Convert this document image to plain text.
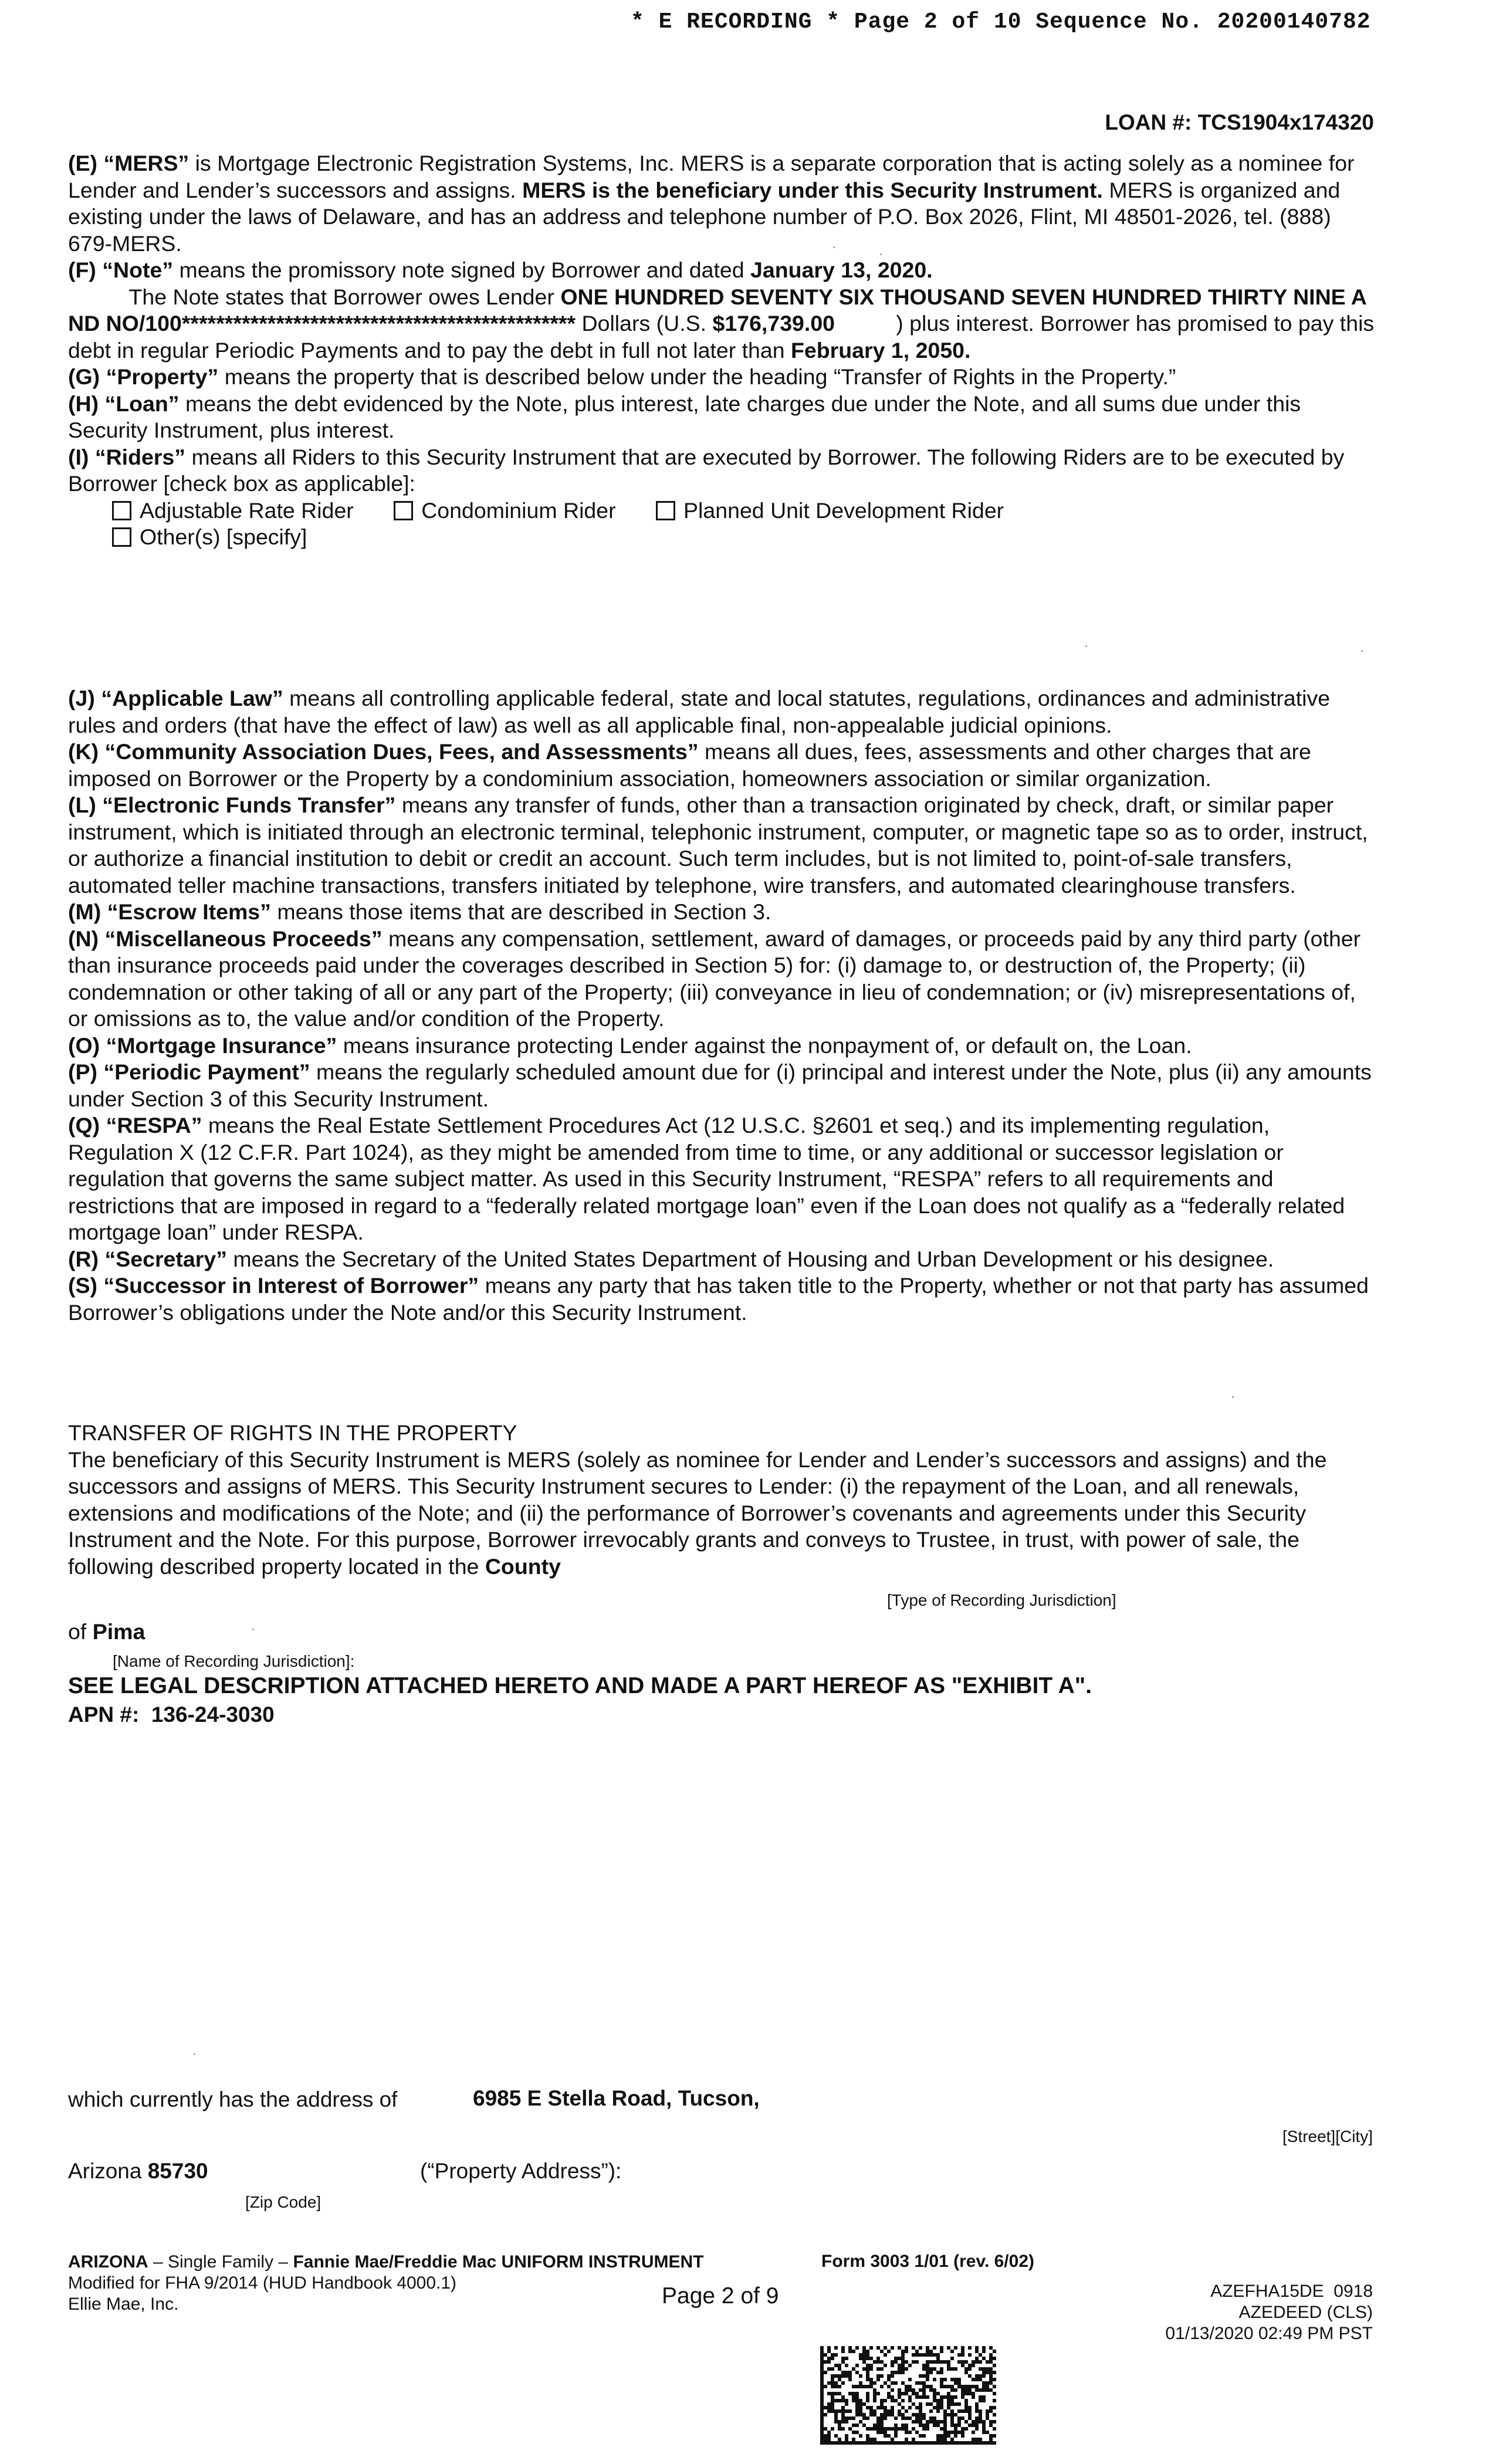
* E RECORDING * Page 2 of 10 Sequence No. 20200140782
LOAN #: TCS1904x174320

(E) “MERS” is Mortgage Electronic Registration Systems, Inc. MERS is a separate corporation that is acting solely as a nominee for Lender and Lender’s successors and assigns. MERS is the beneficiary under this Security Instrument. MERS is organized and existing under the laws of Delaware, and has an address and telephone number of P.O. Box 2026, Flint, MI 48501-2026, tel. (888) 679-MERS.

(F) “Note” means the promissory note signed by Borrower and dated January 13, 2020.          The Note states that Borrower owes Lender ONE HUNDRED SEVENTY SIX THOUSAND SEVEN HUNDRED THIRTY NINE AND NO/100********************************************** Dollars (U.S. $176,739.00          ) plus interest. Borrower has promised to pay this debt in regular Periodic Payments and to pay the debt in full not later than February 1, 2050.

(G) “Property” means the property that is described below under the heading “Transfer of Rights in the Property.”

(H) “Loan” means the debt evidenced by the Note, plus interest, late charges due under the Note, and all sums due under this Security Instrument, plus interest.

(I) “Riders” means all Riders to this Security Instrument that are executed by Borrower. The following Riders are to be executed by Borrower [check box as applicable]:

Adjustable Rate Rider	Condominium Rider	Planned Unit Development Rider
Other(s) [specify]

(J) “Applicable Law” means all controlling applicable federal, state and local statutes, regulations, ordinances and administrative rules and orders (that have the effect of law) as well as all applicable final, non-appealable judicial opinions.

(K) “Community Association Dues, Fees, and Assessments” means all dues, fees, assessments and other charges that are imposed on Borrower or the Property by a condominium association, homeowners association or similar organization.

(L) “Electronic Funds Transfer” means any transfer of funds, other than a transaction originated by check, draft, or similar paper instrument, which is initiated through an electronic terminal, telephonic instrument, computer, or magnetic tape so as to order, instruct, or authorize a financial institution to debit or credit an account. Such term includes, but is not limited to, point-of-sale transfers, automated teller machine transactions, transfers initiated by telephone, wire transfers, and automated clearinghouse transfers.

(M) “Escrow Items” means those items that are described in Section 3.

(N) “Miscellaneous Proceeds” means any compensation, settlement, award of damages, or proceeds paid by any third party (other than insurance proceeds paid under the coverages described in Section 5) for: (i) damage to, or destruction of, the Property; (ii) condemnation or other taking of all or any part of the Property; (iii) conveyance in lieu of condemnation; or (iv) misrepresentations of, or omissions as to, the value and/or condition of the Property.

(O) “Mortgage Insurance” means insurance protecting Lender against the nonpayment of, or default on, the Loan.

(P) “Periodic Payment” means the regularly scheduled amount due for (i) principal and interest under the Note, plus (ii) any amounts under Section 3 of this Security Instrument.

(Q) “RESPA” means the Real Estate Settlement Procedures Act (12 U.S.C. §2601 et seq.) and its implementing regulation, Regulation X (12 C.F.R. Part 1024), as they might be amended from time to time, or any additional or successor legislation or regulation that governs the same subject matter. As used in this Security Instrument, “RESPA” refers to all requirements and restrictions that are imposed in regard to a “federally related mortgage loan” even if the Loan does not qualify as a “federally related mortgage loan” under RESPA.

(R) “Secretary” means the Secretary of the United States Department of Housing and Urban Development or his designee.

(S) “Successor in Interest of Borrower” means any party that has taken title to the Property, whether or not that party has assumed Borrower’s obligations under the Note and/or this Security Instrument.

TRANSFER OF RIGHTS IN THE PROPERTY

The beneficiary of this Security Instrument is MERS (solely as nominee for Lender and Lender’s successors and assigns) and the successors and assigns of MERS. This Security Instrument secures to Lender: (i) the repayment of the Loan, and all renewals, extensions and modifications of the Note; and (ii) the performance of Borrower’s covenants and agreements under this Security Instrument and the Note. For this purpose, Borrower irrevocably grants and conveys to Trustee, in trust, with power of sale, the following described property located in the County

[Type of Recording Jurisdiction]
of Pima
[Name of Recording Jurisdiction]:
SEE LEGAL DESCRIPTION ATTACHED HERETO AND MADE A PART HEREOF AS "EXHIBIT A".
APN #:  136-24-3030
which currently has the address of	6985 E Stella Road, Tucson,
[Street][City]
Arizona 85730	(“Property Address”):
[Zip Code]
ARIZONA – Single Family – Fannie Mae/Freddie Mac UNIFORM INSTRUMENT
Modified for FHA 9/2014 (HUD Handbook 4000.1)
Ellie Mae, Inc.
Form 3003 1/01 (rev. 6/02)
Page 2 of 9	AZEFHA15DE  0918
AZEDEED (CLS)
01/13/2020 02:49 PM PST
